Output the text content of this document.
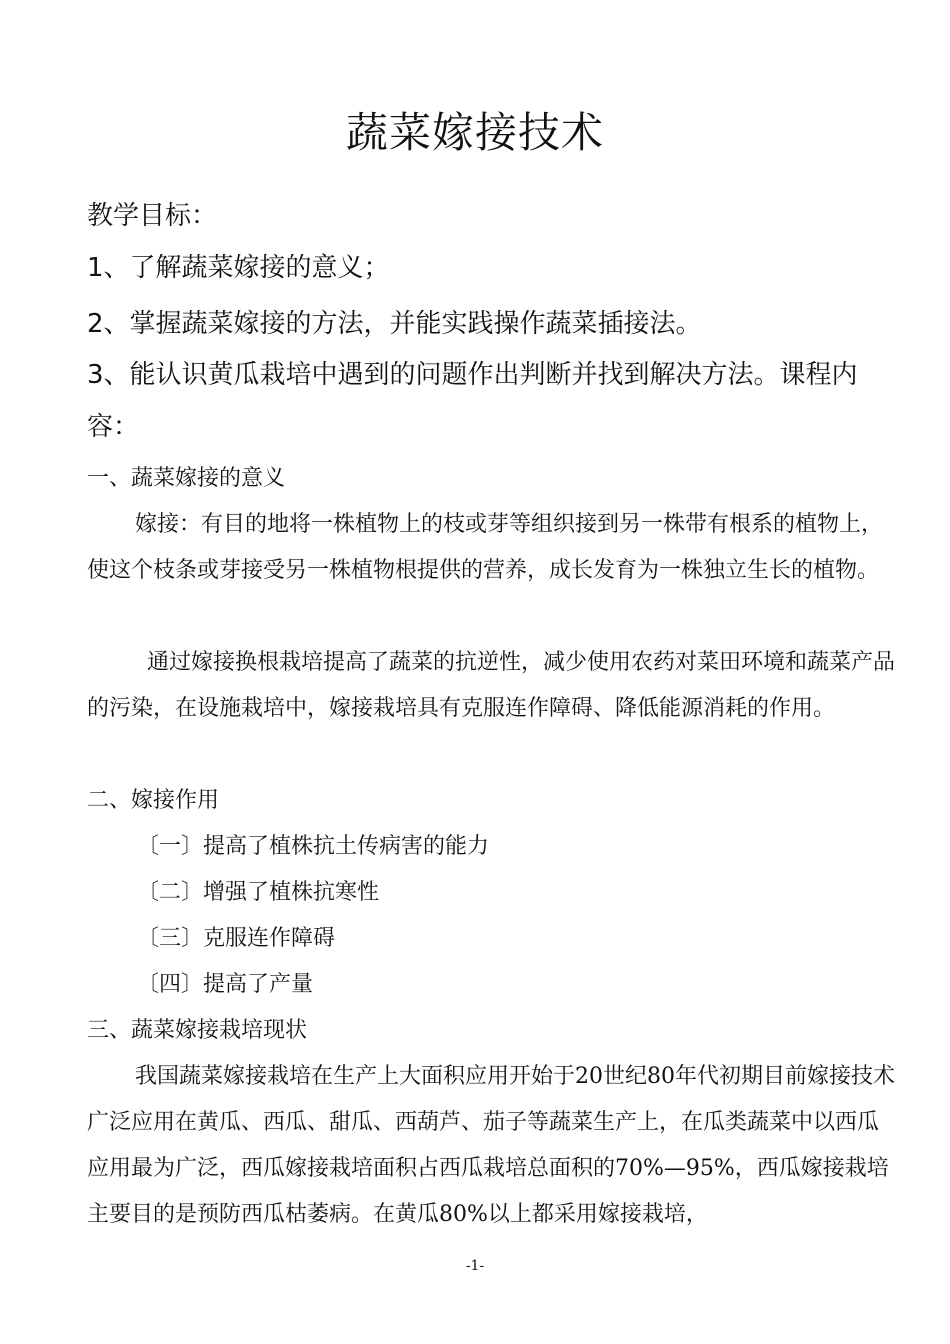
蔬菜嫁接技术

教学目标：

1、了解蔬菜嫁接的意义；

2、掌握蔬菜嫁接的方法，并能实践操作蔬菜插接法。

3、能认识黄瓜栽培中遇到的问题作出判断并找到解决方法。课程内容：

一、蔬菜嫁接的意义

嫁接：有目的地将一株植物上的枝或芽等组织接到另一株带有根系的植物上，使这个枝条或芽接受另一株植物根提供的营养，成长发育为一株独立生长的植物。

通过嫁接换根栽培提高了蔬菜的抗逆性，减少使用农药对菜田环境和蔬菜产品的污染，在设施栽培中，嫁接栽培具有克服连作障碍、降低能源消耗的作用。

二、嫁接作用

〔一〕提高了植株抗土传病害的能力

〔二〕增强了植株抗寒性

〔三〕克服连作障碍

〔四〕提高了产量

三、蔬菜嫁接栽培现状

我国蔬菜嫁接栽培在生产上大面积应用开始于20世纪80年代初期目前嫁接技术广泛应用在黄瓜、西瓜、甜瓜、西葫芦、茄子等蔬菜生产上，在瓜类蔬菜中以西瓜应用最为广泛，西瓜嫁接栽培面积占西瓜栽培总面积的70%—95%，西瓜嫁接栽培主要目的是预防西瓜枯萎病。在黄瓜80%以上都采用嫁接栽培，

-1-
